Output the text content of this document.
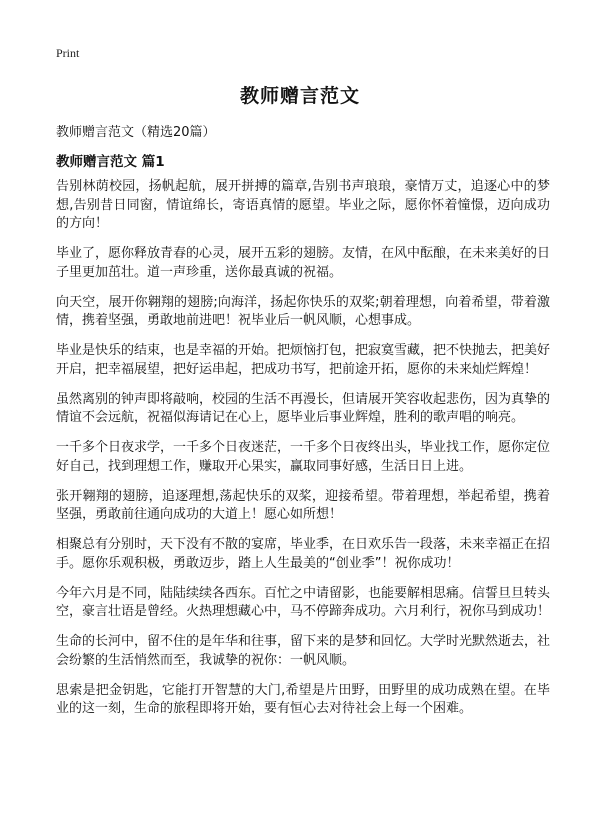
Print
教师赠言范文

教师赠言范文（精选20篇）

教师赠言范文 篇1

告别林荫校园，扬帆起航，展开拼搏的篇章,告别书声琅琅，豪情万丈，追逐心中的梦想,告别昔日同窗，情谊绵长，寄语真情的愿望。毕业之际，愿你怀着憧憬，迈向成功的方向！

毕业了，愿你释放青春的心灵，展开五彩的翅膀。友情，在风中酝酿，在未来美好的日子里更加茁壮。道一声珍重，送你最真诚的祝福。

向天空，展开你翱翔的翅膀;向海洋，扬起你快乐的双桨;朝着理想，向着希望，带着激情，携着坚强，勇敢地前进吧！祝毕业后一帆风顺，心想事成。

毕业是快乐的结束，也是幸福的开始。把烦恼打包，把寂寞雪藏，把不快抛去，把美好开启，把幸福展望，把好运串起，把成功书写，把前途开拓，愿你的未来灿烂辉煌！

虽然离别的钟声即将敲响，校园的生活不再漫长，但请展开笑容收起悲伤，因为真挚的情谊不会远航，祝福似海请记在心上，愿毕业后事业辉煌，胜利的歌声唱的响亮。

一千多个日夜求学，一千多个日夜迷茫，一千多个日夜终出头，毕业找工作，愿你定位好自己，找到理想工作，赚取开心果实，赢取同事好感，生活日日上进。

张开翱翔的翅膀，追逐理想,荡起快乐的双桨，迎接希望。带着理想，举起希望，携着坚强，勇敢前往通向成功的大道上！愿心如所想！

相聚总有分别时，天下没有不散的宴席，毕业季，在日欢乐告一段落，未来幸福正在招手。愿你乐观积极，勇敢迈步，踏上人生最美的“创业季”！祝你成功！

今年六月是不同，陆陆续续各西东。百忙之中请留影，也能要解相思痛。信誓旦旦转头空，豪言壮语是曾经。火热理想藏心中，马不停蹄奔成功。六月利行，祝你马到成功！

生命的长河中，留不住的是年华和往事，留下来的是梦和回忆。大学时光默然逝去，社会纷繁的生活悄然而至，我诚挚的祝你：一帆风顺。

思索是把金钥匙，它能打开智慧的大门,希望是片田野，田野里的成功成熟在望。在毕业的这一刻，生命的旅程即将开始，要有恒心去对待社会上每一个困难。
